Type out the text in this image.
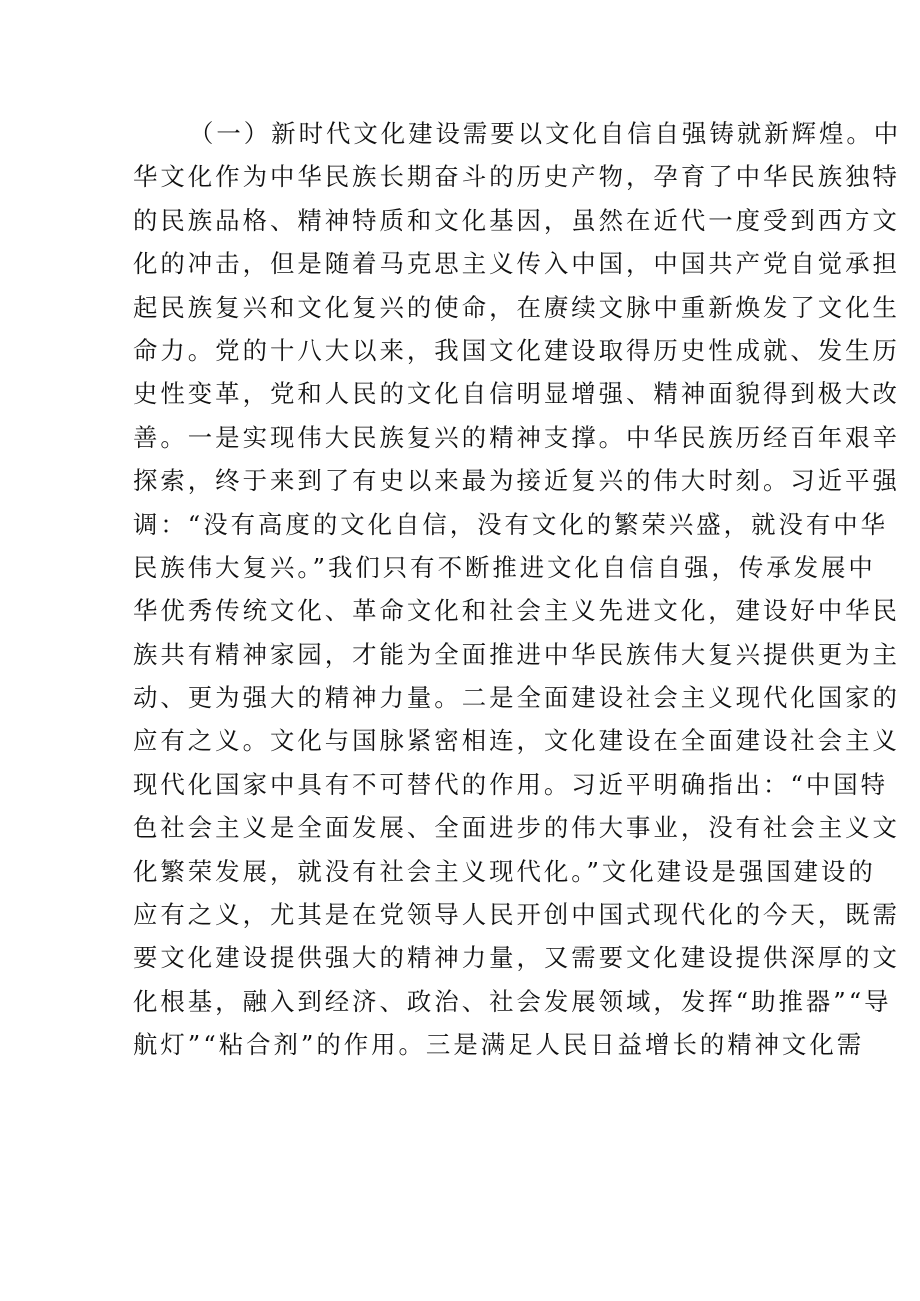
（一）新时代文化建设需要以文化自信自强铸就新辉煌。中
华文化作为中华民族长期奋斗的历史产物，孕育了中华民族独特
的民族品格、精神特质和文化基因，虽然在近代一度受到西方文
化的冲击，但是随着马克思主义传入中国，中国共产党自觉承担
起民族复兴和文化复兴的使命，在赓续文脉中重新焕发了文化生
命力。党的十八大以来，我国文化建设取得历史性成就、发生历
史性变革，党和人民的文化自信明显增强、精神面貌得到极大改
善。一是实现伟大民族复兴的精神支撑。中华民族历经百年艰辛
探索，终于来到了有史以来最为接近复兴的伟大时刻。习近平强
调：“没有高度的文化自信，没有文化的繁荣兴盛，就没有中华
民族伟大复兴。”我们只有不断推进文化自信自强，传承发展中
华优秀传统文化、革命文化和社会主义先进文化，建设好中华民
族共有精神家园，才能为全面推进中华民族伟大复兴提供更为主
动、更为强大的精神力量。二是全面建设社会主义现代化国家的
应有之义。文化与国脉紧密相连，文化建设在全面建设社会主义
现代化国家中具有不可替代的作用。习近平明确指出：“中国特
色社会主义是全面发展、全面进步的伟大事业，没有社会主义文
化繁荣发展，就没有社会主义现代化。”文化建设是强国建设的
应有之义，尤其是在党领导人民开创中国式现代化的今天，既需
要文化建设提供强大的精神力量，又需要文化建设提供深厚的文
化根基，融入到经济、政治、社会发展领域，发挥“助推器”“导
航灯”“粘合剂”的作用。三是满足人民日益增长的精神文化需
